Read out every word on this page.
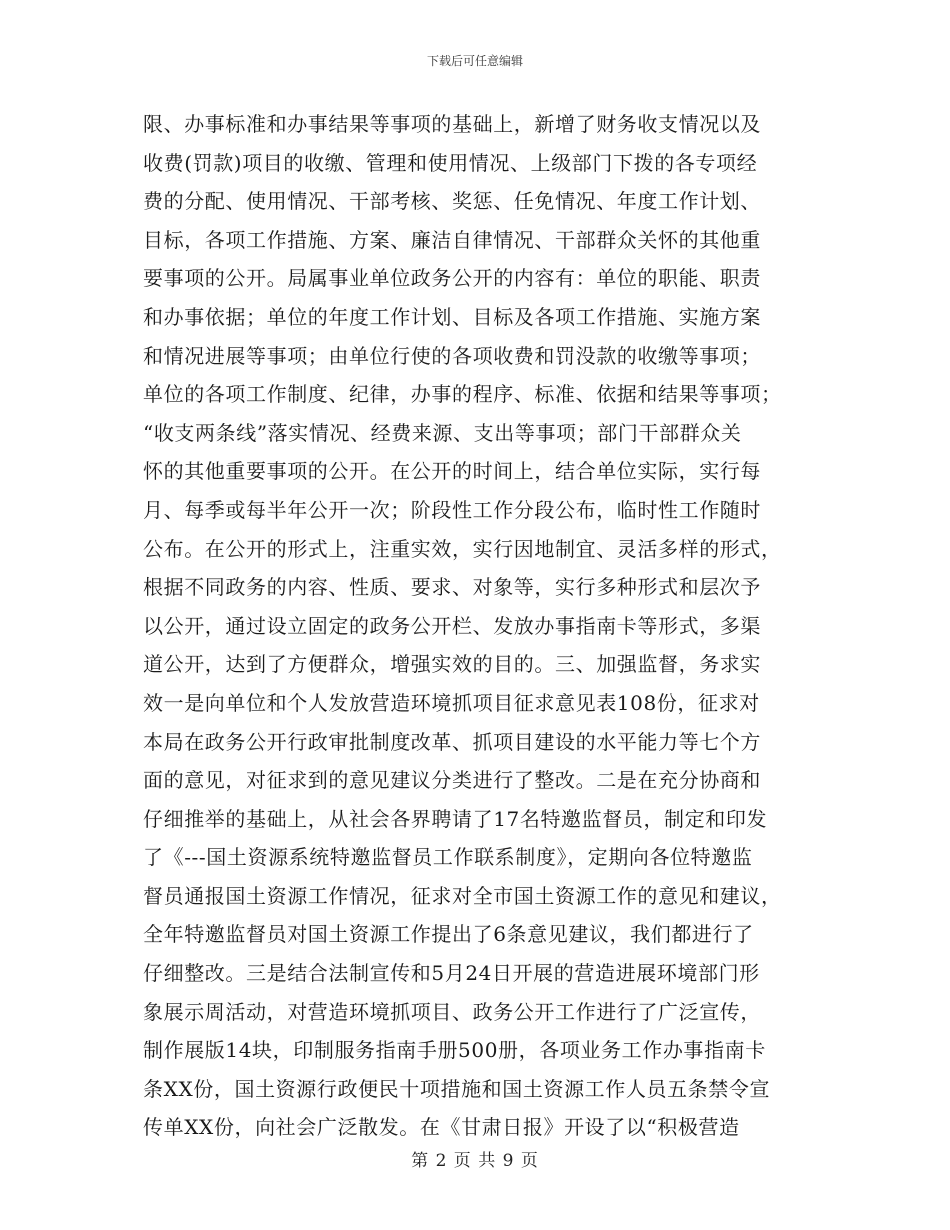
下载后可任意编辑
限、办事标准和办事结果等事项的基础上，新增了财务收支情况以及
收费(罚款)项目的收缴、管理和使用情况、上级部门下拨的各专项经
费的分配、使用情况、干部考核、奖惩、任免情况、年度工作计划、
目标，各项工作措施、方案、廉洁自律情况、干部群众关怀的其他重
要事项的公开。局属事业单位政务公开的内容有：单位的职能、职责
和办事依据；单位的年度工作计划、目标及各项工作措施、实施方案
和情况进展等事项；由单位行使的各项收费和罚没款的收缴等事项；
单位的各项工作制度、纪律，办事的程序、标准、依据和结果等事项；
“收支两条线”落实情况、经费来源、支出等事项；部门干部群众关
怀的其他重要事项的公开。在公开的时间上，结合单位实际，实行每
月、每季或每半年公开一次；阶段性工作分段公布，临时性工作随时
公布。在公开的形式上，注重实效，实行因地制宜、灵活多样的形式，
根据不同政务的内容、性质、要求、对象等，实行多种形式和层次予
以公开，通过设立固定的政务公开栏、发放办事指南卡等形式，多渠
道公开，达到了方便群众，增强实效的目的。三、加强监督，务求实
效一是向单位和个人发放营造环境抓项目征求意见表108份，征求对
本局在政务公开行政审批制度改革、抓项目建设的水平能力等七个方
面的意见，对征求到的意见建议分类进行了整改。二是在充分协商和
仔细推举的基础上，从社会各界聘请了17名特邀监督员，制定和印发
了《---国土资源系统特邀监督员工作联系制度》，定期向各位特邀监
督员通报国土资源工作情况，征求对全市国土资源工作的意见和建议，
全年特邀监督员对国土资源工作提出了6条意见建议，我们都进行了
仔细整改。三是结合法制宣传和5月24日开展的营造进展环境部门形
象展示周活动，对营造环境抓项目、政务公开工作进行了广泛宣传，
制作展版14块，印制服务指南手册500册，各项业务工作办事指南卡
条XX份，国土资源行政便民十项措施和国土资源工作人员五条禁令宣
传单XX份，向社会广泛散发。在《甘肃日报》开设了以“积极营造
第 2 页 共 9 页
